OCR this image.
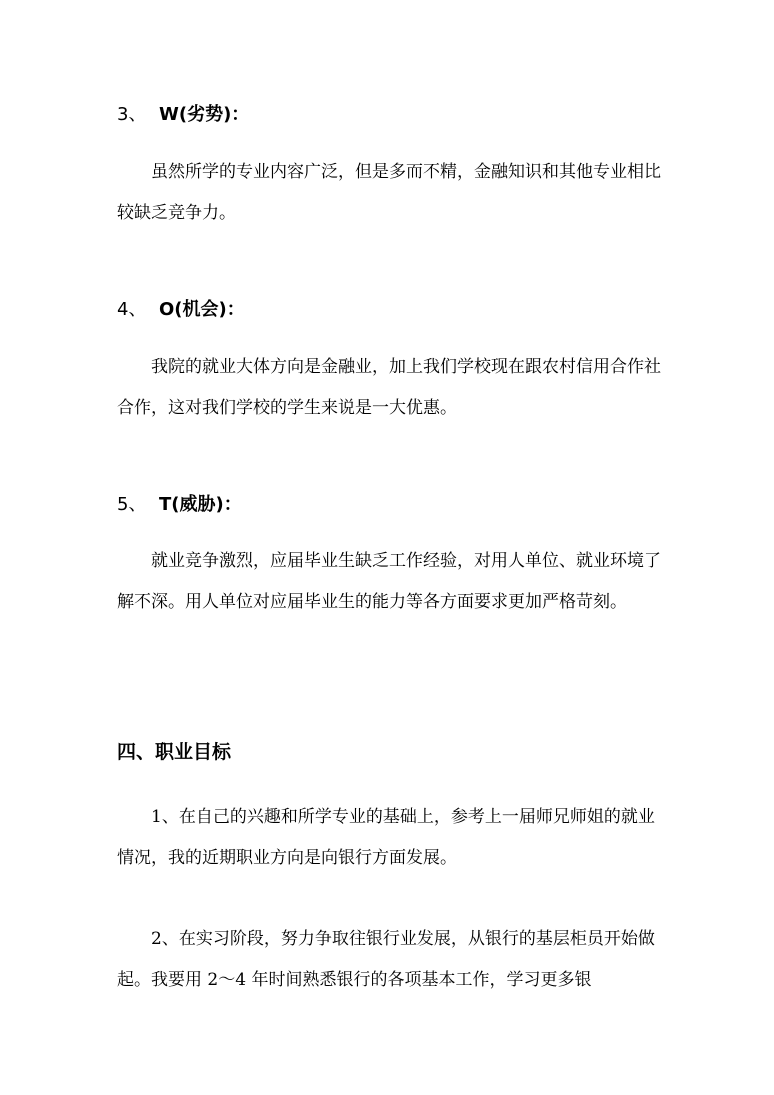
3、 W(劣势)：

虽然所学的专业内容广泛，但是多而不精，金融知识和其他专业相比较缺乏竞争力。

4、 O(机会)：

我院的就业大体方向是金融业，加上我们学校现在跟农村信用合作社合作，这对我们学校的学生来说是一大优惠。

5、 T(威胁)：

就业竞争激烈，应届毕业生缺乏工作经验，对用人单位、就业环境了解不深。用人单位对应届毕业生的能力等各方面要求更加严格苛刻。

四、职业目标

1、在自己的兴趣和所学专业的基础上，参考上一届师兄师姐的就业情况，我的近期职业方向是向银行方面发展。

2、在实习阶段，努力争取往银行业发展，从银行的基层柜员开始做起。我要用 2～4 年时间熟悉银行的各项基本工作，学习更多银
